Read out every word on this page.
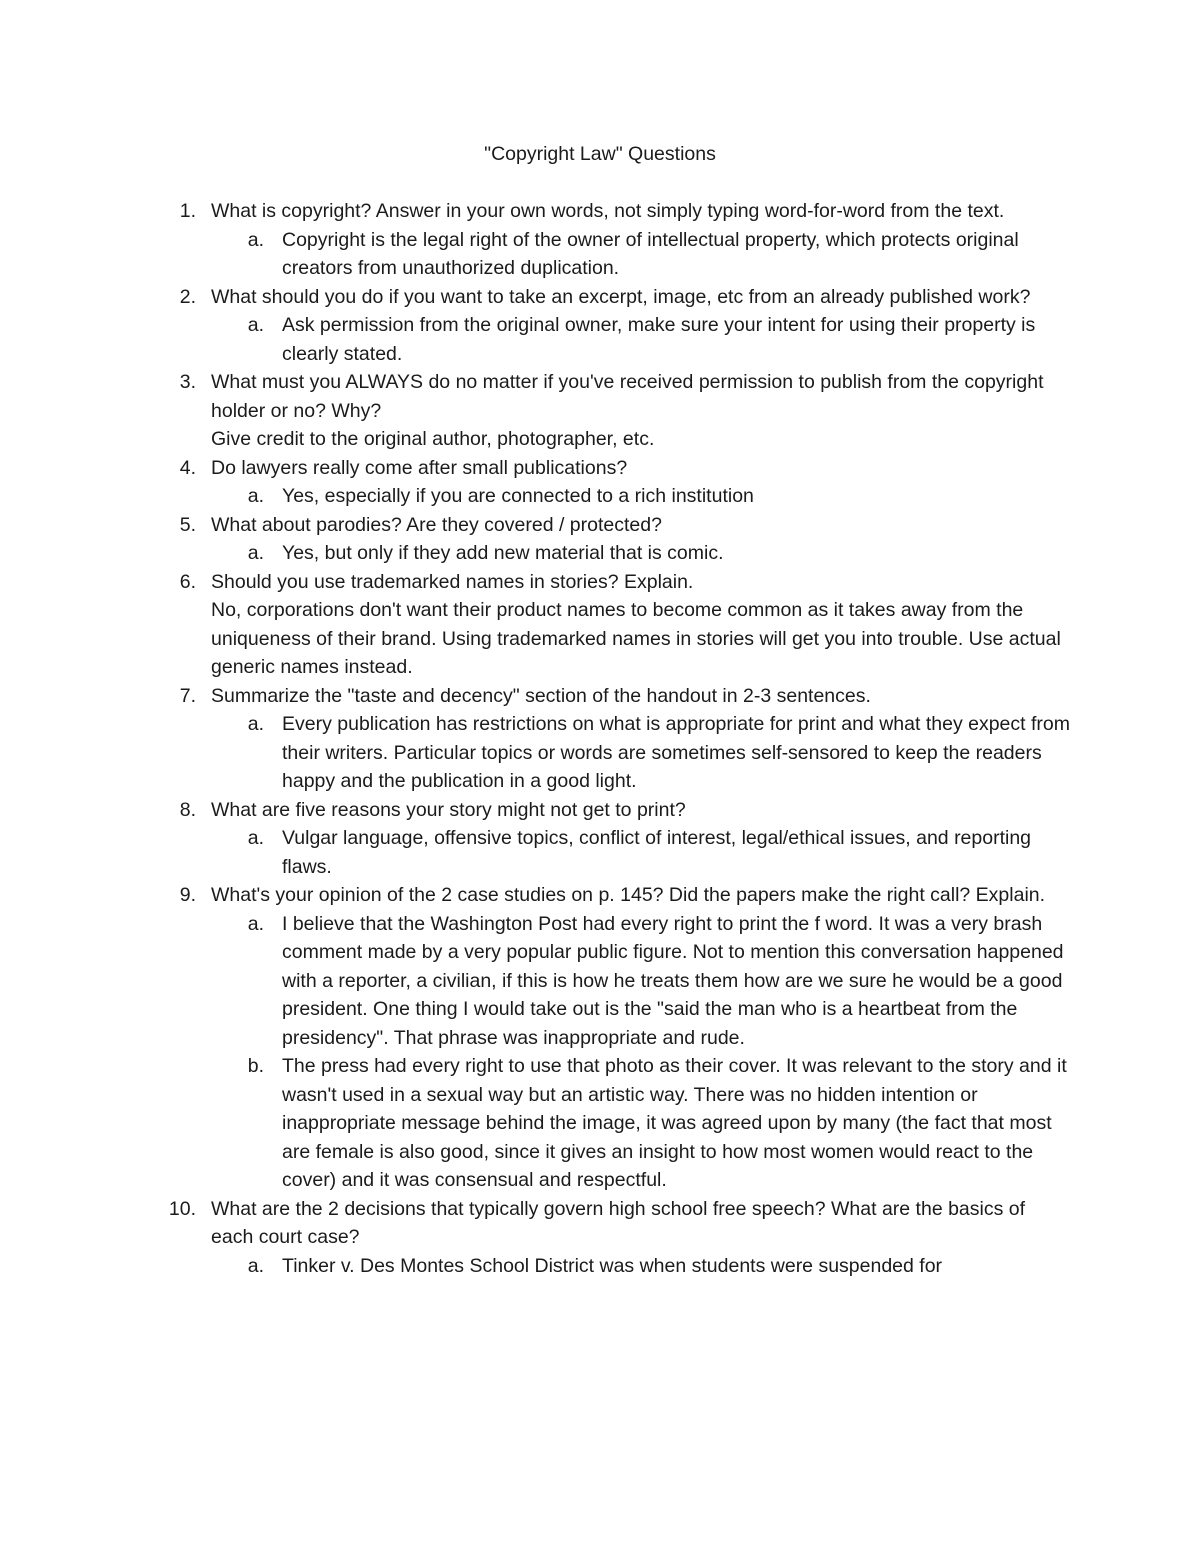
"Copyright Law" Questions
1. What is copyright? Answer in your own words, not simply typing word-for-word from the text.
a. Copyright is the legal right of the owner of intellectual property, which protects original creators from unauthorized duplication.
2. What should you do if you want to take an excerpt, image, etc from an already published work?
a. Ask permission from the original owner, make sure your intent for using their property is clearly stated.
3. What must you ALWAYS do no matter if you've received permission to publish from the copyright holder or no? Why?
Give credit to the original author, photographer, etc.
4. Do lawyers really come after small publications?
a. Yes, especially if you are connected to a rich institution
5. What about parodies? Are they covered / protected?
a. Yes, but only if they add new material that is comic.
6. Should you use trademarked names in stories? Explain.
No, corporations don't want their product names to become common as it takes away from the uniqueness of their brand. Using trademarked names in stories will get you into trouble. Use actual generic names instead.
7. Summarize the "taste and decency" section of the handout in 2-3 sentences.
a. Every publication has restrictions on what is appropriate for print and what they expect from their writers. Particular topics or words are sometimes self-sensored to keep the readers happy and the publication in a good light.
8. What are five reasons your story might not get to print?
a. Vulgar language, offensive topics, conflict of interest, legal/ethical issues, and reporting flaws.
9. What's your opinion of the 2 case studies on p. 145? Did the papers make the right call? Explain.
a. I believe that the Washington Post had every right to print the f word. It was a very brash comment made by a very popular public figure. Not to mention this conversation happened with a reporter, a civilian, if this is how he treats them how are we sure he would be a good president. One thing I would take out is the "said the man who is a heartbeat from the presidency". That phrase was inappropriate and rude.
b. The press had every right to use that photo as their cover. It was relevant to the story and it wasn't used in a sexual way but an artistic way. There was no hidden intention or inappropriate message behind the image, it was agreed upon by many (the fact that most are female is also good, since it gives an insight to how most women would react to the cover) and it was consensual and respectful.
10. What are the 2 decisions that typically govern high school free speech? What are the basics of each court case?
a. Tinker v. Des Montes School District was when students were suspended for
